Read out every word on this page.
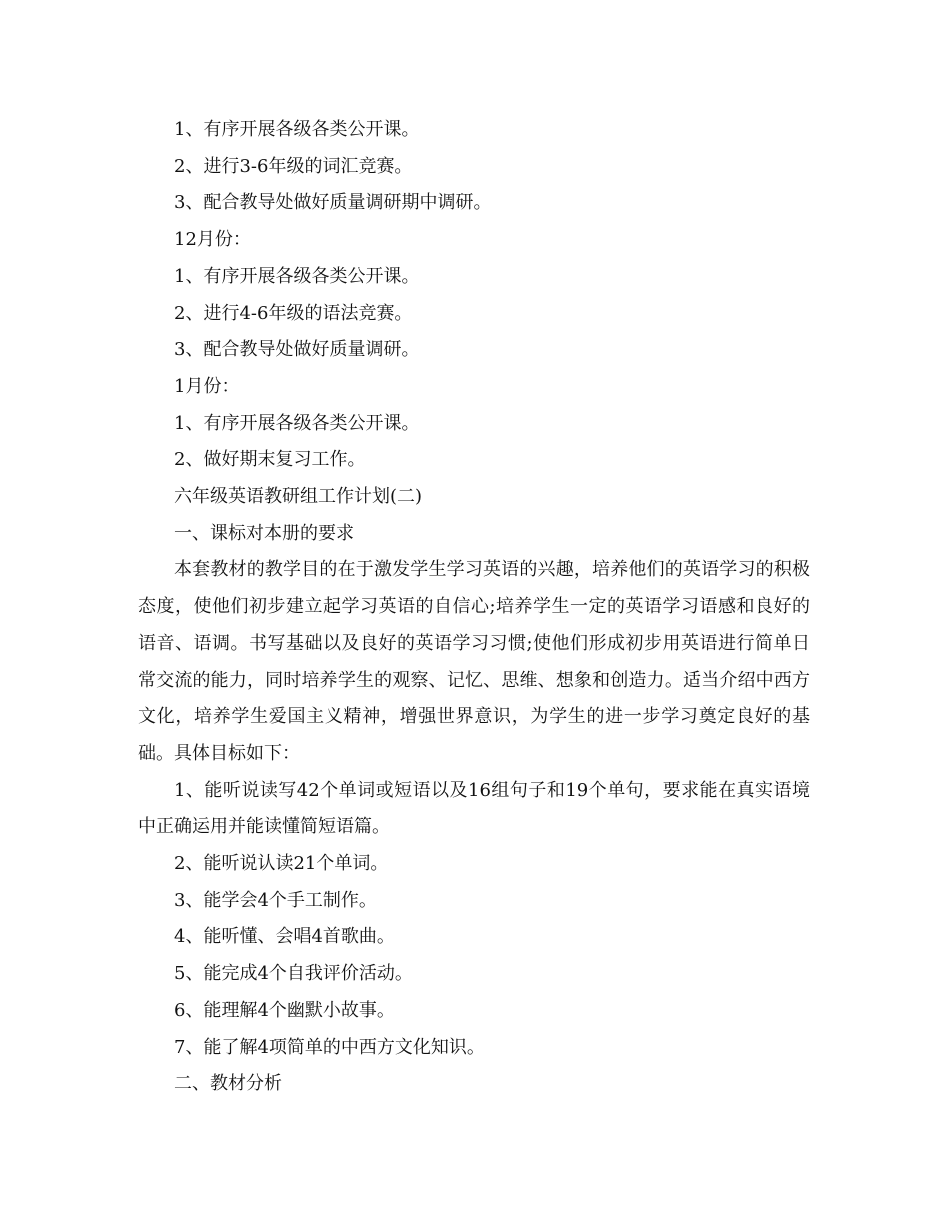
1、有序开展各级各类公开课。

2、进行3-6年级的词汇竞赛。

3、配合教导处做好质量调研期中调研。

12月份：

1、有序开展各级各类公开课。

2、进行4-6年级的语法竞赛。

3、配合教导处做好质量调研。

1月份：

1、有序开展各级各类公开课。

2、做好期末复习工作。

六年级英语教研组工作计划(二)

一、课标对本册的要求

本套教材的教学目的在于激发学生学习英语的兴趣，培养他们的英语学习的积极态度，使他们初步建立起学习英语的自信心;培养学生一定的英语学习语感和良好的语音、语调。书写基础以及良好的英语学习习惯;使他们形成初步用英语进行简单日常交流的能力，同时培养学生的观察、记忆、思维、想象和创造力。适当介绍中西方文化，培养学生爱国主义精神，增强世界意识，为学生的进一步学习奠定良好的基础。具体目标如下：

1、能听说读写42个单词或短语以及16组句子和19个单句，要求能在真实语境中正确运用并能读懂简短语篇。

2、能听说认读21个单词。

3、能学会4个手工制作。

4、能听懂、会唱4首歌曲。

5、能完成4个自我评价活动。

6、能理解4个幽默小故事。

7、能了解4项简单的中西方文化知识。

二、教材分析
